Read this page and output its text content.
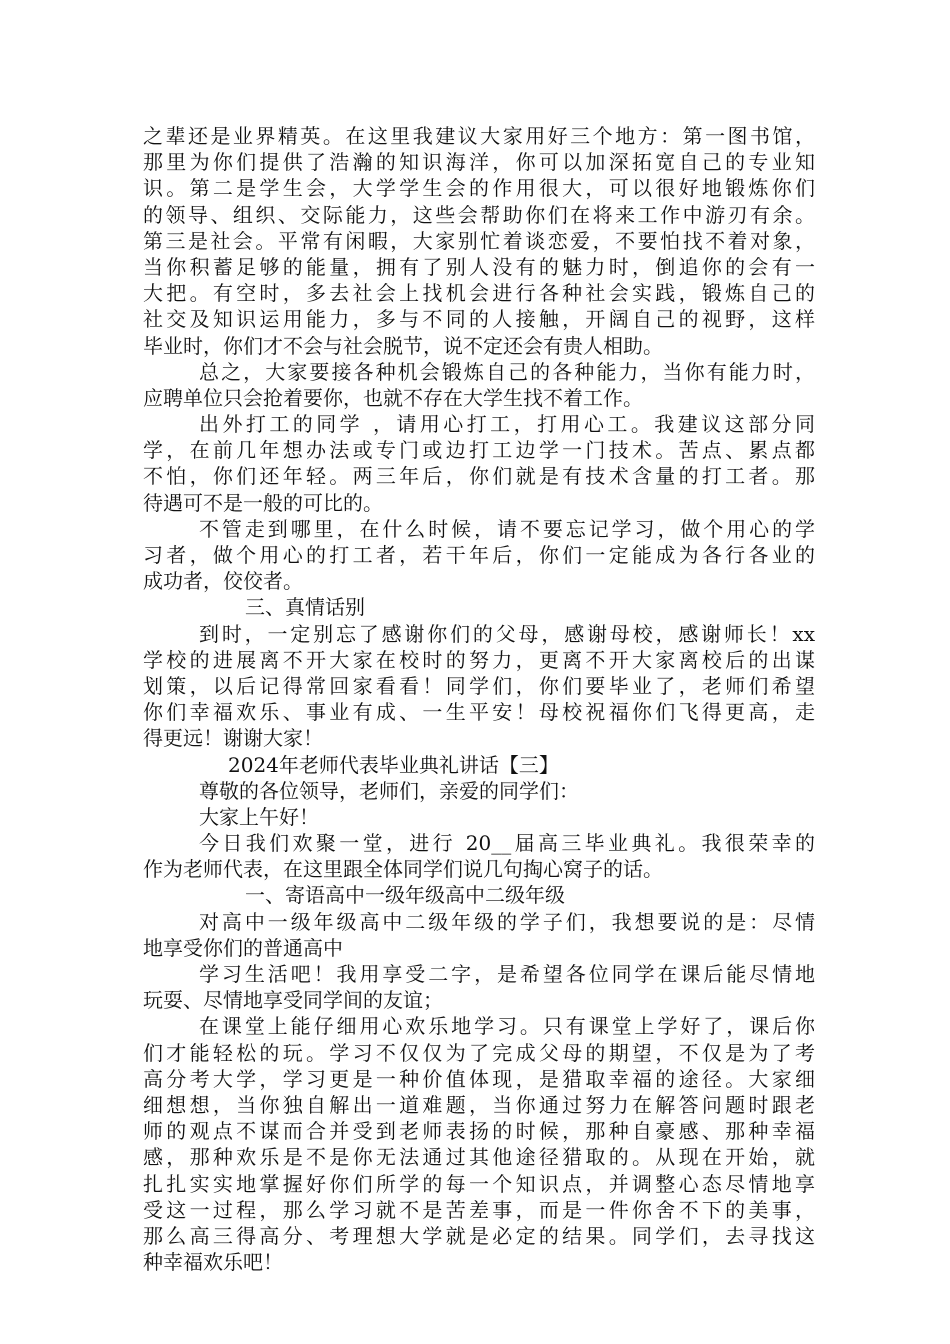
之辈还是业界精英。在这里我建议大家用好三个地方：第一图书馆，
那里为你们提供了浩瀚的知识海洋，你可以加深拓宽自己的专业知
识。第二是学生会，大学学生会的作用很大，可以很好地锻炼你们
的领导、组织、交际能力，这些会帮助你们在将来工作中游刃有余。
第三是社会。平常有闲暇，大家别忙着谈恋爱，不要怕找不着对象，
当你积蓄足够的能量，拥有了别人没有的魅力时，倒追你的会有一
大把。有空时，多去社会上找机会进行各种社会实践，锻炼自己的
社交及知识运用能力，多与不同的人接触，开阔自己的视野，这样
毕业时，你们才不会与社会脱节，说不定还会有贵人相助。
总之，大家要接各种机会锻炼自己的各种能力，当你有能力时，
应聘单位只会抢着要你，也就不存在大学生找不着工作。
出外打工的同学 ，请用心打工，打用心工。我建议这部分同
学，在前几年想办法或专门或边打工边学一门技术。苦点、累点都
不怕，你们还年轻。两三年后，你们就是有技术含量的打工者。那
待遇可不是一般的可比的。
不管走到哪里，在什么时候，请不要忘记学习，做个用心的学
习者，做个用心的打工者，若干年后，你们一定能成为各行各业的
成功者，佼佼者。
三、真情话别
到时，一定别忘了感谢你们的父母，感谢母校，感谢师长！xx
学校的进展离不开大家在校时的努力，更离不开大家离校后的出谋
划策，以后记得常回家看看！同学们，你们要毕业了，老师们希望
你们幸福欢乐、事业有成、一生平安！母校祝福你们飞得更高，走
得更远！谢谢大家！
2024年老师代表毕业典礼讲话【三】
尊敬的各位领导，老师们，亲爱的同学们：
大家上午好！
今日我们欢聚一堂，进行 20__届高三毕业典礼。我很荣幸的
作为老师代表，在这里跟全体同学们说几句掏心窝子的话。
一、寄语高中一级年级高中二级年级
对高中一级年级高中二级年级的学子们，我想要说的是：尽情
地享受你们的普通高中
学习生活吧！我用享受二字，是希望各位同学在课后能尽情地
玩耍、尽情地享受同学间的友谊；
在课堂上能仔细用心欢乐地学习。只有课堂上学好了，课后你
们才能轻松的玩。学习不仅仅为了完成父母的期望，不仅是为了考
高分考大学，学习更是一种价值体现，是猎取幸福的途径。大家细
细想想，当你独自解出一道难题，当你通过努力在解答问题时跟老
师的观点不谋而合并受到老师表扬的时候，那种自豪感、那种幸福
感，那种欢乐是不是你无法通过其他途径猎取的。从现在开始，就
扎扎实实地掌握好你们所学的每一个知识点，并调整心态尽情地享
受这一过程，那么学习就不是苦差事，而是一件你舍不下的美事，
那么高三得高分、考理想大学就是必定的结果。同学们，去寻找这
种幸福欢乐吧！
